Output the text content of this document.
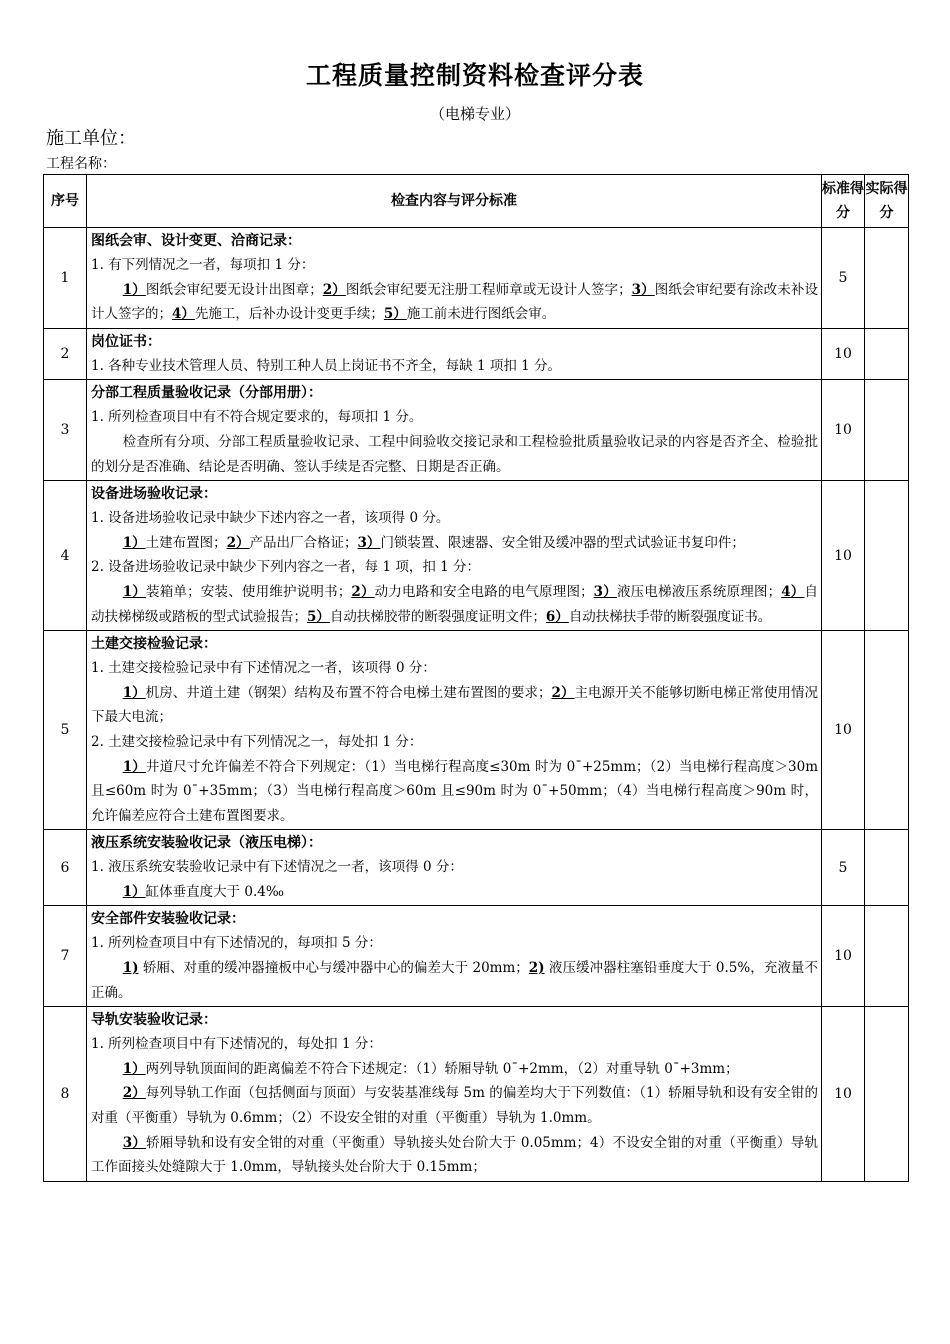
工程质量控制资料检查评分表

（电梯专业）

施工单位：

工程名称：

序号	检查内容与评分标准	标准得分	实际得分
1	图纸会审、设计变更、洽商记录：
1. 有下列情况之一者，每项扣 1 分：
1）图纸会审纪要无设计出图章；2）图纸会审纪要无注册工程师章或无设计人签字；3）图纸会审纪要有涂改未补设计人签字的；4）先施工，后补办设计变更手续；5）施工前未进行图纸会审。	5	
2	岗位证书：
1. 各种专业技术管理人员、特别工种人员上岗证书不齐全，每缺 1 项扣 1 分。	10	
3	分部工程质量验收记录（分部用册）：
1. 所列检查项目中有不符合规定要求的，每项扣 1 分。
检查所有分项、分部工程质量验收记录、工程中间验收交接记录和工程检验批质量验收记录的内容是否齐全、检验批的划分是否准确、结论是否明确、签认手续是否完整、日期是否正确。	10	
4	设备进场验收记录：
1. 设备进场验收记录中缺少下述内容之一者，该项得 0 分。
1）土建布置图；2）产品出厂合格证；3）门锁装置、限速器、安全钳及缓冲器的型式试验证书复印件；
2. 设备进场验收记录中缺少下列内容之一者，每 1 项，扣 1 分：
1）装箱单；安装、使用维护说明书；2）动力电路和安全电路的电气原理图；3）液压电梯液压系统原理图；4）自动扶梯梯级或踏板的型式试验报告；5）自动扶梯胶带的断裂强度证明文件；6）自动扶梯扶手带的断裂强度证书。	10	
5	土建交接检验记录：
1. 土建交接检验记录中有下述情况之一者，该项得 0 分：
1）机房、井道土建（钢架）结构及布置不符合电梯土建布置图的要求；2）主电源开关不能够切断电梯正常使用情况下最大电流；
2. 土建交接检验记录中有下列情况之一，每处扣 1 分：
1）井道尺寸允许偏差不符合下列规定：（1）当电梯行程高度≤30m 时为 0ˉ+25mm；（2）当电梯行程高度＞30m 且≤60m 时为 0ˉ+35mm；（3）当电梯行程高度＞60m 且≤90m 时为 0ˉ+50mm；（4）当电梯行程高度＞90m 时，允许偏差应符合土建布置图要求。	10	
6	液压系统安装验收记录（液压电梯）：
1. 液压系统安装验收记录中有下述情况之一者，该项得 0 分：
1）缸体垂直度大于 0.4‰	5	
7	安全部件安装验收记录：
1. 所列检查项目中有下述情况的，每项扣 5 分：
1) 轿厢、对重的缓冲器撞板中心与缓冲器中心的偏差大于 20mm；2) 液压缓冲器柱塞铅垂度大于 0.5%，充液量不正确。	10	
8	导轨安装验收记录：
1. 所列检查项目中有下述情况的，每处扣 1 分：
1）两列导轨顶面间的距离偏差不符合下述规定：（1）轿厢导轨 0ˉ+2mm，（2）对重导轨 0ˉ+3mm；
2）每列导轨工作面（包括侧面与顶面）与安装基准线每 5m 的偏差均大于下列数值：（1）轿厢导轨和设有安全钳的对重（平衡重）导轨为 0.6mm；（2）不设安全钳的对重（平衡重）导轨为 1.0mm。
3）轿厢导轨和设有安全钳的对重（平衡重）导轨接头处台阶大于 0.05mm；4）不设安全钳的对重（平衡重）导轨工作面接头处缝隙大于 1.0mm，导轨接头处台阶大于 0.15mm；	10	
